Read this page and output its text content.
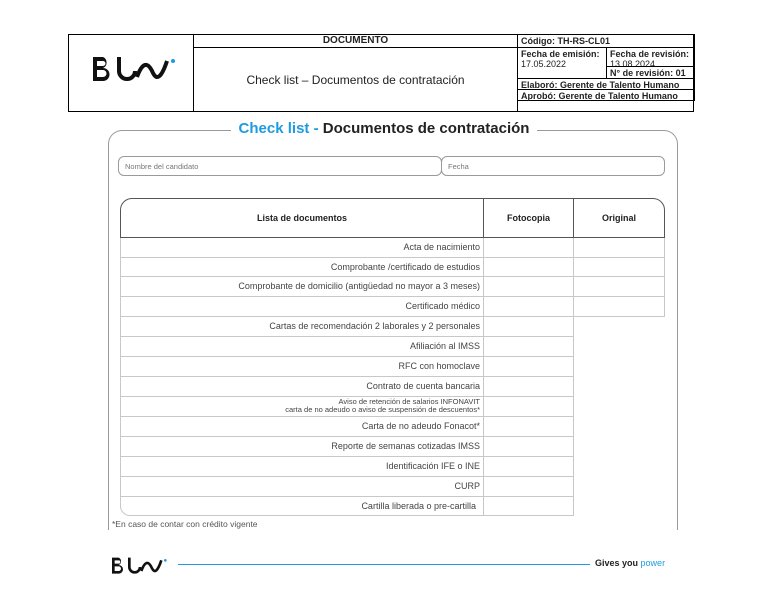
DOCUMENTO
Check list – Documentos de contratación
Código: TH-RS-CL01
Fecha de emisión:
17.05.2022
Fecha de revisión:
13.08.2024
N° de revisión: 01
Elaboró: Gerente de Talento Humano
Aprobó: Gerente de Talento Humano
Check list - Documentos de contratación
Nombre del candidato	Fecha
Lista de documentos	Fotocopia	Original
Acta de nacimiento
Comprobante /certificado de estudios
Comprobante de domicilio (antigüedad no mayor a 3 meses)
Certificado médico
Cartas de recomendación 2 laborales y 2 personales
Afiliación al IMSS
RFC con homoclave
Contrato de cuenta bancaria
Aviso de retención de salarios INFONAVIT
carta de no adeudo o aviso de suspensión de descuentos*
Carta de no adeudo Fonacot*
Reporte de semanas cotizadas IMSS
Identificación IFE o INE
CURP
Cartilla liberada o pre-cartilla
*En caso de contar con crédito vigente
Gives you power
